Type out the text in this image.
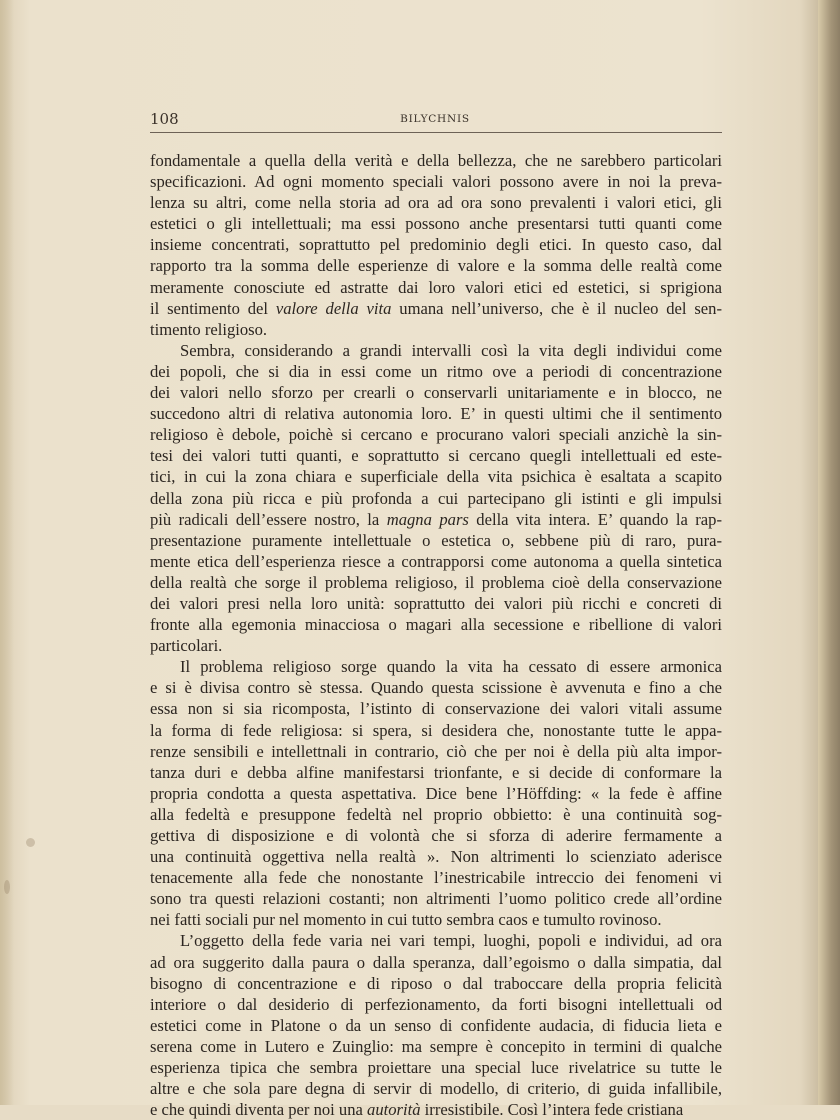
108	BILYCHNIS
fondamentale a quella della verità e della bellezza, che ne sarebbero particolari
specificazioni. Ad ogni momento speciali valori possono avere in noi la preva-
lenza su altri, come nella storia ad ora ad ora sono prevalenti i valori etici, gli
estetici o gli intellettuali; ma essi possono anche presentarsi tutti quanti come
insieme concentrati, soprattutto pel predominio degli etici. In questo caso, dal
rapporto tra la somma delle esperienze di valore e la somma delle realtà come
meramente conosciute ed astratte dai loro valori etici ed estetici, si sprigiona
il sentimento del valore della vita umana nell’universo, che è il nucleo del sen-
timento religioso.
Sembra, considerando a grandi intervalli così la vita degli individui come
dei popoli, che si dia in essi come un ritmo ove a periodi di concentrazione
dei valori nello sforzo per crearli o conservarli unitariamente e in blocco, ne
succedono altri di relativa autonomia loro. E’ in questi ultimi che il sentimento
religioso è debole, poichè si cercano e procurano valori speciali anzichè la sin-
tesi dei valori tutti quanti, e soprattutto si cercano quegli intellettuali ed este-
tici, in cui la zona chiara e superficiale della vita psichica è esaltata a scapito
della zona più ricca e più profonda a cui partecipano gli istinti e gli impulsi
più radicali dell’essere nostro, la magna pars della vita intera. E’ quando la rap-
presentazione puramente intellettuale o estetica o, sebbene più di raro, pura-
mente etica dell’esperienza riesce a contrapporsi come autonoma a quella sintetica
della realtà che sorge il problema religioso, il problema cioè della conservazione
dei valori presi nella loro unità: soprattutto dei valori più ricchi e concreti di
fronte alla egemonia minacciosa o magari alla secessione e ribellione di valori
particolari.
Il problema religioso sorge quando la vita ha cessato di essere armonica
e si è divisa contro sè stessa. Quando questa scissione è avvenuta e fino a che
essa non si sia ricomposta, l’istinto di conservazione dei valori vitali assume
la forma di fede religiosa: si spera, si desidera che, nonostante tutte le appa-
renze sensibili e intellettnali in contrario, ciò che per noi è della più alta impor-
tanza duri e debba alfine manifestarsi trionfante, e si decide di conformare la
propria condotta a questa aspettativa. Dice bene l’Höffding: « la fede è affine
alla fedeltà e presuppone fedeltà nel proprio obbietto: è una continuità sog-
gettiva di disposizione e di volontà che si sforza di aderire fermamente a
una continuità oggettiva nella realtà ». Non altrimenti lo scienziato aderisce
tenacemente alla fede che nonostante l’inestricabile intreccio dei fenomeni vi
sono tra questi relazioni costanti; non altrimenti l’uomo politico crede all’ordine
nei fatti sociali pur nel momento in cui tutto sembra caos e tumulto rovinoso.
L’oggetto della fede varia nei vari tempi, luoghi, popoli e individui, ad ora
ad ora suggerito dalla paura o dalla speranza, dall’egoismo o dalla simpatia, dal
bisogno di concentrazione e di riposo o dal traboccare della propria felicità
interiore o dal desiderio di perfezionamento, da forti bisogni intellettuali od
estetici come in Platone o da un senso di confidente audacia, di fiducia lieta e
serena come in Lutero e Zuinglio: ma sempre è concepito in termini di qualche
esperienza tipica che sembra proiettare una special luce rivelatrice su tutte le
altre e che sola pare degna di servir di modello, di criterio, di guida infallibile,
e che quindi diventa per noi una autorità irresistibile. Così l’intera fede cristiana
